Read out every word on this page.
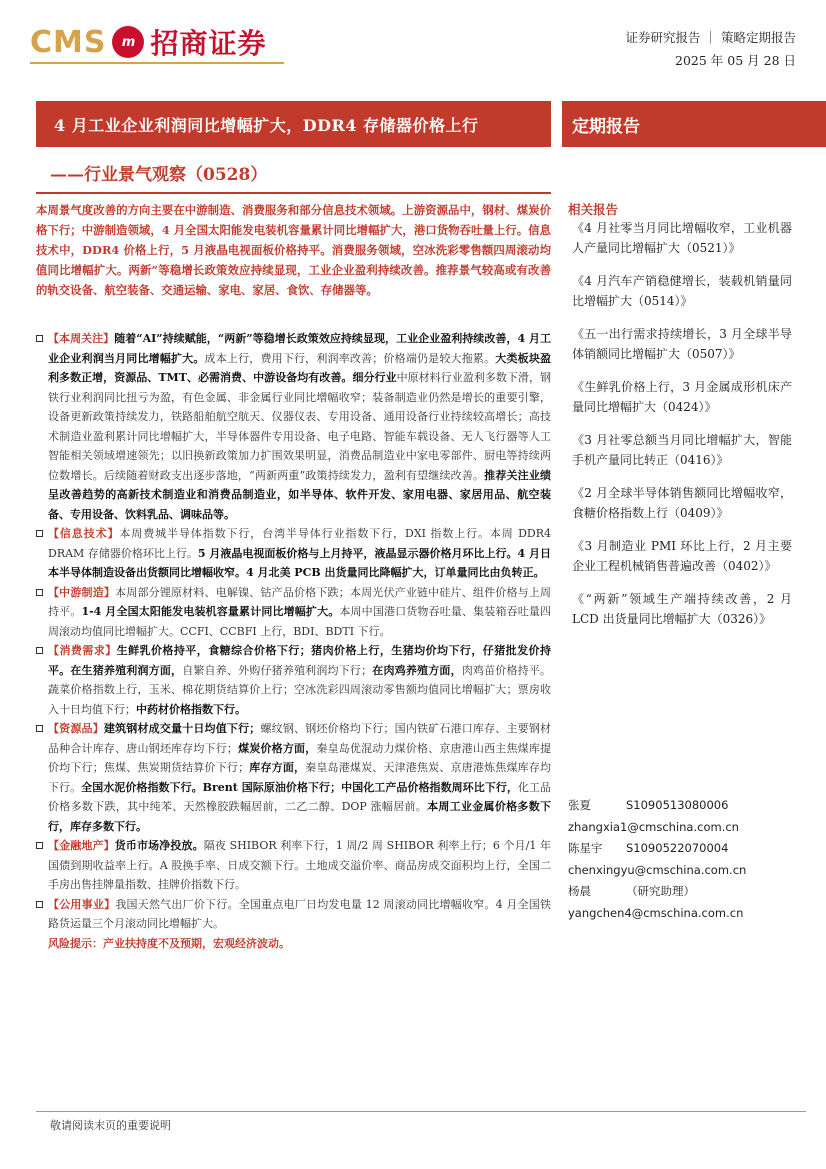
CMS	m 招商证券	证券研究报告 ｜ 策略定期报告
2025 年 05 月 28 日
4 月工业企业利润同比增幅扩大，DDR4 存储器价格上行	定期报告
——行业景气观察（0528）
本周景气度改善的方向主要在中游制造、消费服务和部分信息技术领域。上游资源品中，钢材、煤炭价格下行；中游制造领域，4 月全国太阳能发电装机容量累计同比增幅扩大，港口货物吞吐量上行。信息技术中，DDR4 价格上行，5 月液晶电视面板价格持平。消费服务领域，空冰洗彩零售额四周滚动均值同比增幅扩大。两新”等稳增长政策效应持续显现，工业企业盈利持续改善。推荐景气较高或有改善的轨交设备、航空装备、交通运输、家电、家居、食饮、存储器等。

【本周关注】随着“AI”持续赋能，“两新”等稳增长政策效应持续显现，工业企业盈利持续改善，4 月工业企业利润当月同比增幅扩大。成本上行，费用下行，利润率改善；价格端仍是较大拖累。大类板块盈利多数正增，资源品、TMT、必需消费、中游设备均有改善。细分行业中原材料行业盈利多数下滑，钢铁行业利润同比扭亏为盈，有色金属、非金属行业同比增幅收窄；装备制造业仍然是增长的重要引擎，设备更新政策持续发力，铁路船舶航空航天、仪器仪表、专用设备、通用设备行业持续较高增长；高技术制造业盈利累计同比增幅扩大，半导体器件专用设备、电子电路、智能车载设备、无人飞行器等人工智能相关领域增速领先；以旧换新政策加力扩围效果明显，消费品制造业中家电零部件、厨电等持续两位数增长。后续随着财政支出逐步落地，“两新两重”政策持续发力，盈利有望继续改善。推荐关注业绩呈改善趋势的高新技术制造业和消费品制造业，如半导体、软件开发、家用电器、家居用品、航空装备、专用设备、饮料乳品、调味品等。

【信息技术】本周费城半导体指数下行，台湾半导体行业指数下行，DXI 指数上行。本周 DDR4 DRAM 存储器价格环比上行。5 月液晶电视面板价格与上月持平，液晶显示器价格月环比上行。4 月日本半导体制造设备出货额同比增幅收窄。4 月北美 PCB 出货量同比降幅扩大，订单量同比由负转正。

【中游制造】本周部分锂原材料、电解镍、钴产品价格下跌；本周光伏产业链中硅片、组件价格与上周持平。1-4 月全国太阳能发电装机容量累计同比增幅扩大。本周中国港口货物吞吐量、集装箱吞吐量四周滚动均值同比增幅扩大。CCFI、CCBFI 上行，BDI、BDTI 下行。

【消费需求】生鲜乳价格持平，食糖综合价格下行；猪肉价格上行，生猪均价均下行，仔猪批发价持平。在生猪养殖利润方面，自繁自养、外购仔猪养殖利润均下行；在肉鸡养殖方面，肉鸡苗价格持平。蔬菜价格指数上行，玉米、棉花期货结算价上行；空冰洗彩四周滚动零售额均值同比增幅扩大；票房收入十日均值下行；中药材价格指数下行。

【资源品】建筑钢材成交量十日均值下行；螺纹钢、钢坯价格均下行；国内铁矿石港口库存、主要钢材品种合计库存、唐山钢坯库存均下行；煤炭价格方面，秦皇岛优混动力煤价格、京唐港山西主焦煤库提价均下行；焦煤、焦炭期货结算价下行；库存方面，秦皇岛港煤炭、天津港焦炭、京唐港炼焦煤库存均下行。全国水泥价格指数下行。Brent 国际原油价格下行；中国化工产品价格指数周环比下行，化工品价格多数下跌，其中纯苯、天然橡胶跌幅居前，二乙二醇、DOP 涨幅居前。本周工业金属价格多数下行，库存多数下行。

【金融地产】货币市场净投放。隔夜 SHIBOR 利率下行，1 周/2 周 SHIBOR 利率上行；6 个月/1 年国债到期收益率上行。A 股换手率、日成交额下行。土地成交溢价率、商品房成交面积均上行，全国二手房出售挂牌量指数、挂牌价指数下行。

【公用事业】我国天然气出厂价下行。全国重点电厂日均发电量 12 周滚动同比增幅收窄。4 月全国铁路货运量三个月滚动同比增幅扩大。

风险提示：产业扶持度不及预期，宏观经济波动。
相关报告
《4 月社零当月同比增幅收窄，工业机器人产量同比增幅扩大（0521）》
《4 月汽车产销稳健增长，装载机销量同比增幅扩大（0514）》
《五一出行需求持续增长，3 月全球半导体销额同比增幅扩大（0507）》
《生鲜乳价格上行，3 月金属成形机床产量同比增幅扩大（0424）》
《3 月社零总额当月同比增幅扩大，智能手机产量同比转正（0416）》
《2 月全球半导体销售额同比增幅收窄，食糖价格指数上行（0409）》
《3 月制造业 PMI 环比上行，2 月主要企业工程机械销售普遍改善（0402）》
《“两新”领域生产端持续改善，2 月 LCD 出货量同比增幅扩大（0326）》
张夏	S1090513080006
zhangxia1@cmschina.com.cn
陈星宇	S1090522070004
chenxingyu@cmschina.com.cn
杨晨	（研究助理）
yangchen4@cmschina.com.cn
敬请阅读末页的重要说明
